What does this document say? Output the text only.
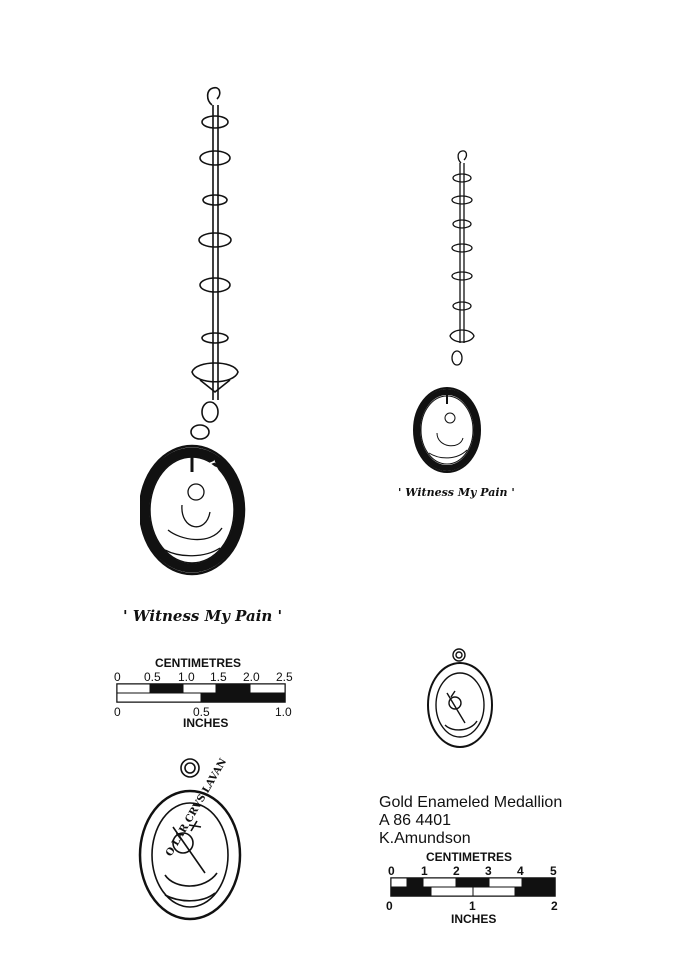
VIDETEDO LORMEV
' Witness My Pain '
' Witness My Pain '
CENTIMETRES
0 0.5 1.0 1.5 2.0 2.5
0	0.5	1.0
INCHES
O LAR CRVS LAVAN	Gold Enameled Medallion
A 86 4401
K.Amundson
CENTIMETRES
0 1 2 3 4 5
0	1	2
INCHES
